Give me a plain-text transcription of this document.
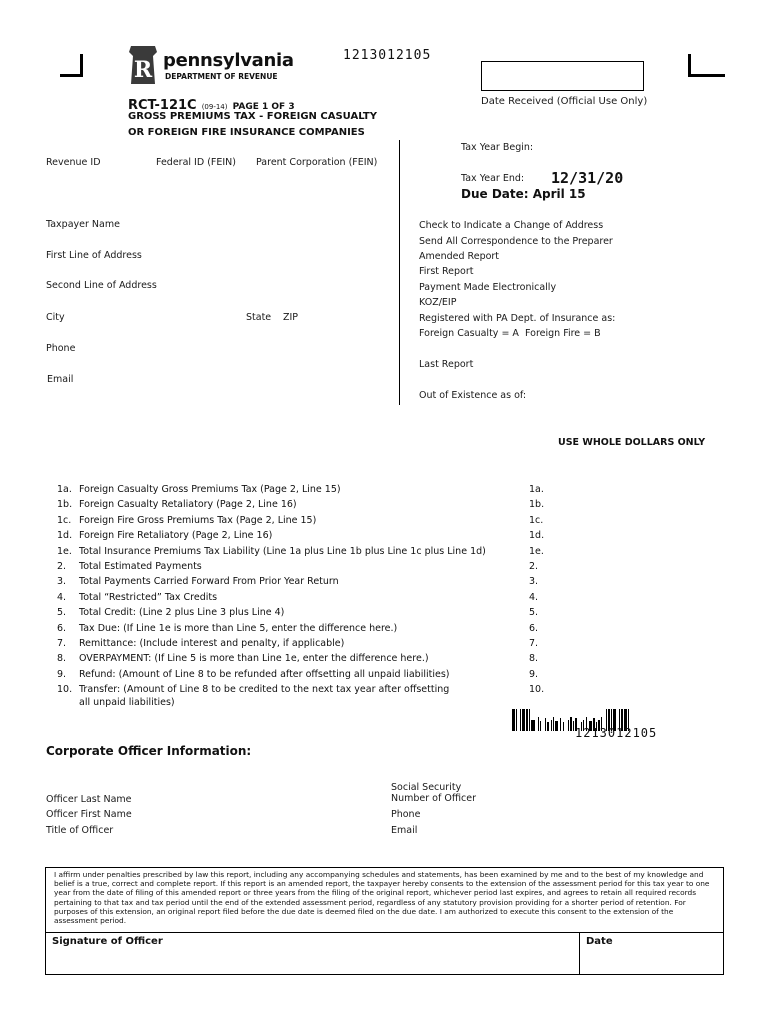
R pennsylvania
DEPARTMENT OF REVENUE
1213012105
Date Received (Official Use Only)
RCT-121C (09-14) PAGE 1 OF 3
GROSS PREMIUMS TAX - FOREIGN CASUALTY
OR FOREIGN FIRE INSURANCE COMPANIES
Revenue ID	Federal ID (FEIN) Parent Corporation (FEIN)
Tax Year Begin:
Tax Year End: 12/31/20
Due Date: April 15
Taxpayer Name
First Line of Address
Second Line of Address
City	State ZIP
Phone
Email
Check to Indicate a Change of Address
Send All Correspondence to the Preparer
Amended Report
First Report
Payment Made Electronically
KOZ/EIP
Registered with PA Dept. of Insurance as:
Foreign Casualty = A Foreign Fire = B
Last Report
Out of Existence as of:
USE WHOLE DOLLARS ONLY
1a. Foreign Casualty Gross Premiums Tax (Page 2, Line 15)	1a.
1b. Foreign Casualty Retaliatory (Page 2, Line 16)	1b.
1c. Foreign Fire Gross Premiums Tax (Page 2, Line 15)	1c.
1d. Foreign Fire Retaliatory (Page 2, Line 16)	1d.
1e. Total Insurance Premiums Tax Liability (Line 1a plus Line 1b plus Line 1c plus Line 1d)	1e.
2.	Total Estimated Payments	2.
3.	Total Payments Carried Forward From Prior Year Return	3.
4.	Total “Restricted” Tax Credits	4.
5.	Total Credit: (Line 2 plus Line 3 plus Line 4)	5.
6.	Tax Due: (If Line 1e is more than Line 5, enter the difference here.)	6.
7.	Remittance: (Include interest and penalty, if applicable)	7.
8.	OVERPAYMENT: (If Line 5 is more than Line 1e, enter the difference here.)	8.
9.	Refund: (Amount of Line 8 to be refunded after offsetting all unpaid liabilities)	9.
10. Transfer: (Amount of Line 8 to be credited to the next tax year after offsetting	10.
all unpaid liabilities)
1213012105
Corporate Officer Information:
Officer Last Name
Officer First Name
Title of Officer
Social Security
Number of Officer
Phone
Email
I affirm under penalties prescribed by law this report, including any accompanying schedules and statements, has been examined by me and to the best of my knowledge and belief is a true, correct and complete report. If this report is an amended report, the taxpayer hereby consents to the extension of the assessment period for this tax year to one year from the date of filing of this amended report or three years from the filing of the original report, whichever period last expires, and agrees to retain all required records pertaining to that tax and tax period until the end of the extended assessment period, regardless of any statutory provision providing for a shorter period of retention. For purposes of this extension, an original report filed before the due date is deemed filed on the due date. I am authorized to execute this consent to the extension of the assessment period.
Signature of Officer	Date
